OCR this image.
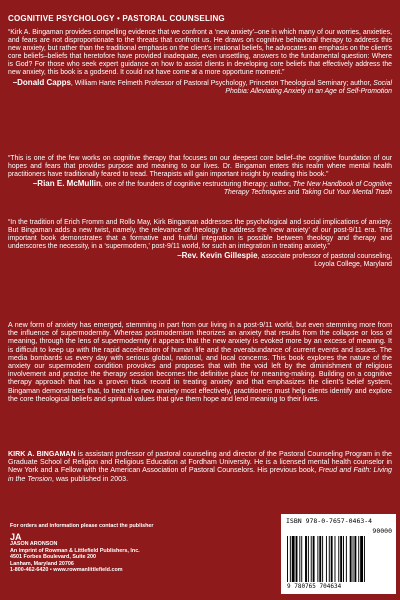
COGNITIVE PSYCHOLOGY • PASTORAL COUNSELING

“Kirk A. Bingaman provides compelling evidence that we confront a ‘new anxiety’–one in which many of our worries, anxieties, and fears are not disproportionate to the threats that confront us. He draws on cognitive behavioral therapy to address this new anxiety, but rather than the traditional emphasis on the client’s irrational beliefs, he advocates an emphasis on the client’s core beliefs–beliefs that heretofore have provided inadequate, even unsettling, answers to the fundamental question: Where is God? For those who seek expert guidance on how to assist clients in developing core beliefs that effectively address the new anxiety, this book is a godsend. It could not have come at a more opportune moment.”

–Donald Capps, William Harte Felmeth Professor of Pastoral Psychology, Princeton Theological Seminary; author, Social Phobia: Alleviating Anxiety in an Age of Self-Promotion

“This is one of the few works on cognitive therapy that focuses on our deepest core belief–the cognitive foundation of our hopes and fears that provides purpose and meaning to our lives. Dr. Bingaman enters this realm where mental health practitioners have traditionally feared to tread. Therapists will gain important insight by reading this book.”

–Rian E. McMullin, one of the founders of cognitive restructuring therapy; author, The New Handbook of Cognitive Therapy Techniques and Taking Out Your Mental Trash

“In the tradition of Erich Fromm and Rollo May, Kirk Bingaman addresses the psychological and social implications of anxiety. But Bingaman adds a new twist, namely, the relevance of theology to address the ‘new anxiety’ of our post-9/11 era. This important book demonstrates that a formative and fruitful integration is possible between theology and therapy and underscores the necessity, in a ‘supermodern,’ post-9/11 world, for such an integration in treating anxiety.”

–Rev. Kevin Gillespie, associate professor of pastoral counseling,
Loyola College, Maryland

A new form of anxiety has emerged, stemming in part from our living in a post-9/11 world, but even stemming more from the influence of supermodernity. Whereas postmodernism theorizes an anxiety that results from the collapse or loss of meaning, through the lens of supermodernity it appears that the new anxiety is evoked more by an excess of meaning. It is difficult to keep up with the rapid acceleration of human life and the overabundance of current events and issues. The media bombards us every day with serious global, national, and local concerns. This book explores the nature of the anxiety our supermodern condition provokes and proposes that with the void left by the diminishment of religious involvement and practice the therapy session becomes the definitive place for meaning-making. Building on a cognitive therapy approach that has a proven track record in treating anxiety and that emphasizes the client’s belief system, Bingaman demonstrates that, to treat this new anxiety most effectively, practitioners must help clients identify and explore the core theological beliefs and spiritual values that give them hope and lend meaning to their lives.

KIRK A. BINGAMAN is assistant professor of pastoral counseling and director of the Pastoral Counseling Program in the Graduate School of Religion and Religious Education at Fordham University. He is a licensed mental health counselor in New York and a Fellow with the American Association of Pastoral Counselors. His previous book, Freud and Faith: Living in the Tension, was published in 2003.

For orders and information please contact the publisher
JA
JASON ARONSON
An imprint of Rowman & Littlefield Publishers, Inc.
4501 Forbes Boulevard, Suite 200
Lanham, Maryland 20706
1-800-462-6420 • www.rowmanlittlefield.com
ISBN 978-0-7657-0463-4
90000
9 780765 704634
